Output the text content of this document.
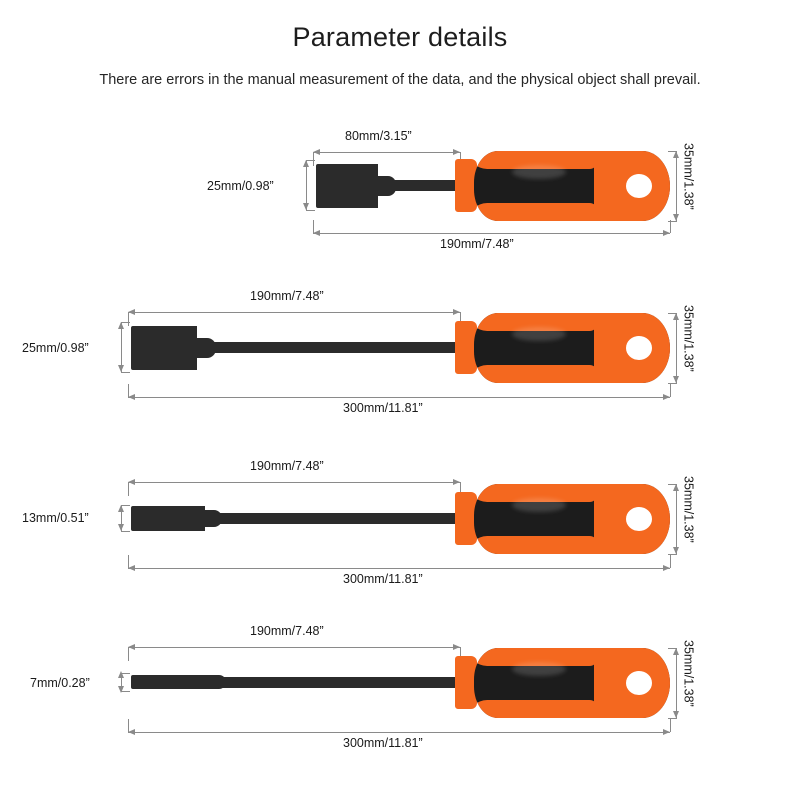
Parameter details
There are errors in the manual measurement of the data, and the physical object shall prevail.
80mm/3.15”
25mm/0.98”	35mm/1.38”
190mm/7.48”
190mm/7.48”
25mm/0.98”	35mm/1.38”
300mm/11.81”
190mm/7.48”
13mm/0.51”	35mm/1.38”
300mm/11.81”
190mm/7.48”
7mm/0.28”	35mm/1.38”
300mm/11.81”
